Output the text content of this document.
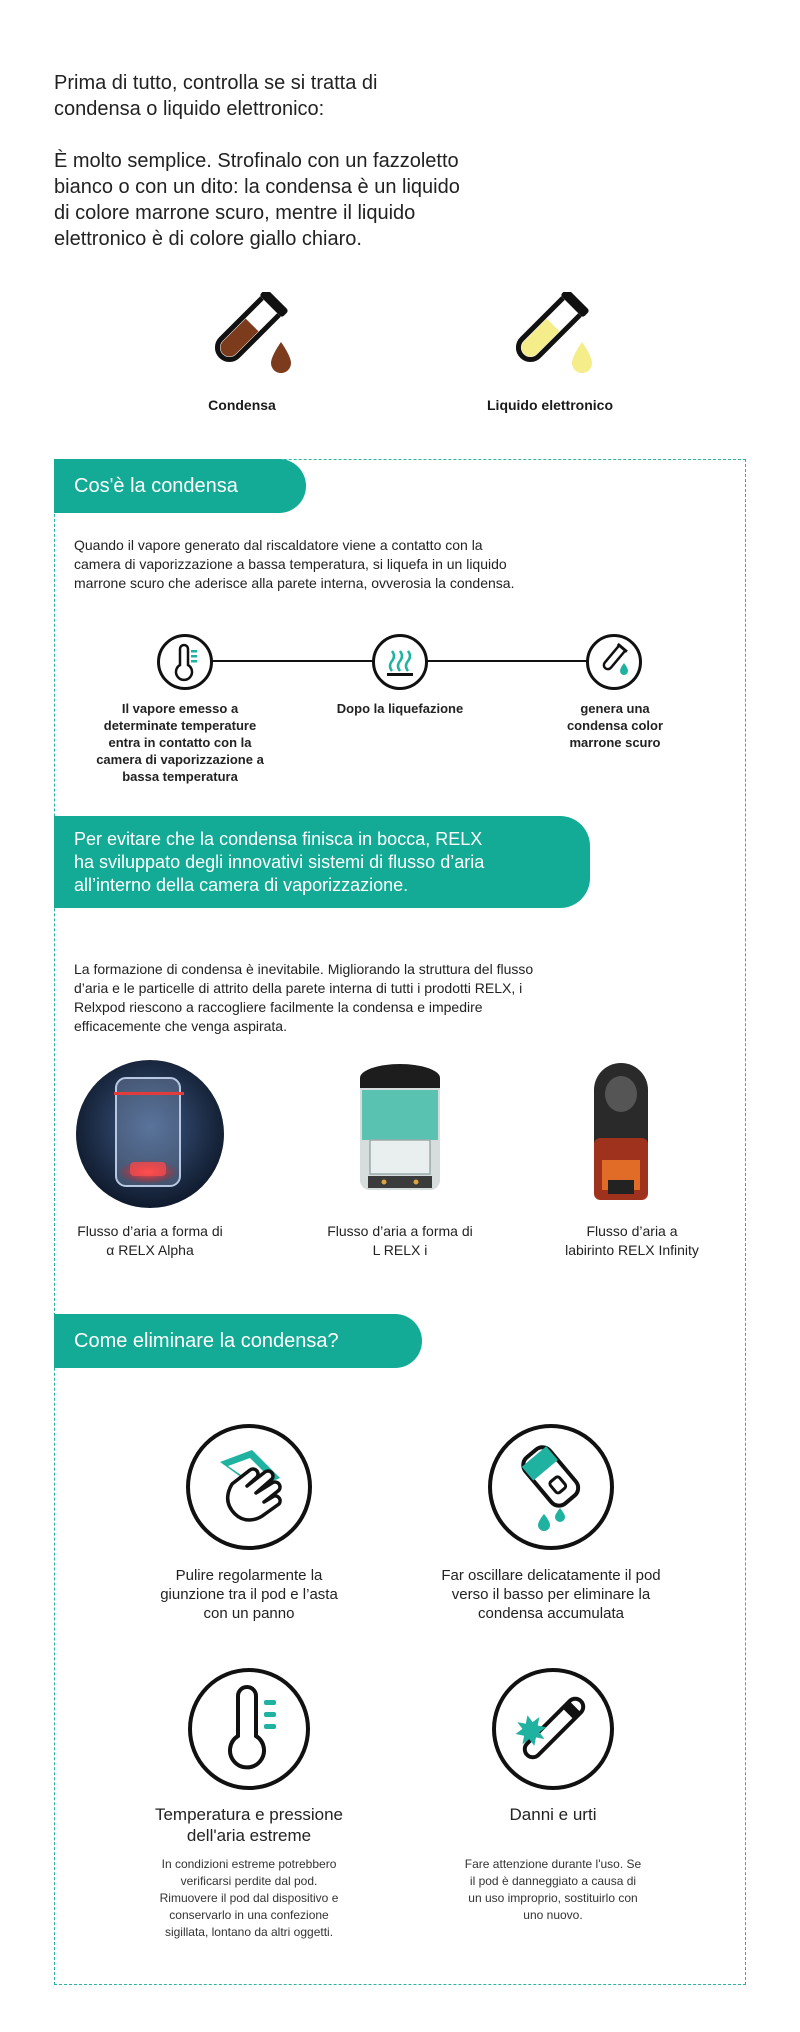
Prima di tutto, controlla se si tratta di

condensa o liquido elettronico:

È molto semplice. Strofinalo con un fazzoletto

bianco o con un dito: la condensa è un liquido

di colore marrone scuro, mentre il liquido

elettronico è di colore giallo chiaro.

Condensa	Liquido elettronico
Cos'è la condensa
Quando il vapore generato dal riscaldatore viene a contatto con la
camera di vaporizzazione a bassa temperatura, si liquefa in un liquido
marrone scuro che aderisce alla parete interna, ovverosia la condensa.
Il vapore emesso a
determinate temperature
entra in contatto con la
camera di vaporizzazione a
bassa temperatura
Dopo la liquefazione	genera una
condensa color
marrone scuro
Per evitare che la condensa finisca in bocca, RELX
ha sviluppato degli innovativi sistemi di flusso d’aria
all’interno della camera di vaporizzazione.
La formazione di condensa è inevitabile. Migliorando la struttura del flusso
d’aria e le particelle di attrito della parete interna di tutti i prodotti RELX, i
Relxpod riescono a raccogliere facilmente la condensa e impedire
efficacemente che venga aspirata.
Flusso d’aria a forma di
α RELX Alpha
Flusso d’aria a forma di
L RELX i
Flusso d’aria a
labirinto RELX Infinity
Come eliminare la condensa?
Pulire regolarmente la
giunzione tra il pod e l’asta
con un panno
Far oscillare delicatamente il pod
verso il basso per eliminare la
condensa accumulata
Temperatura e pressione
dell'aria estreme
In condizioni estreme potrebbero
verificarsi perdite dal pod.
Rimuovere il pod dal dispositivo e
conservarlo in una confezione
sigillata, lontano da altri oggetti.
Danni e urti
Fare attenzione durante l'uso. Se
il pod è danneggiato a causa di
un uso improprio, sostituirlo con
uno nuovo.
